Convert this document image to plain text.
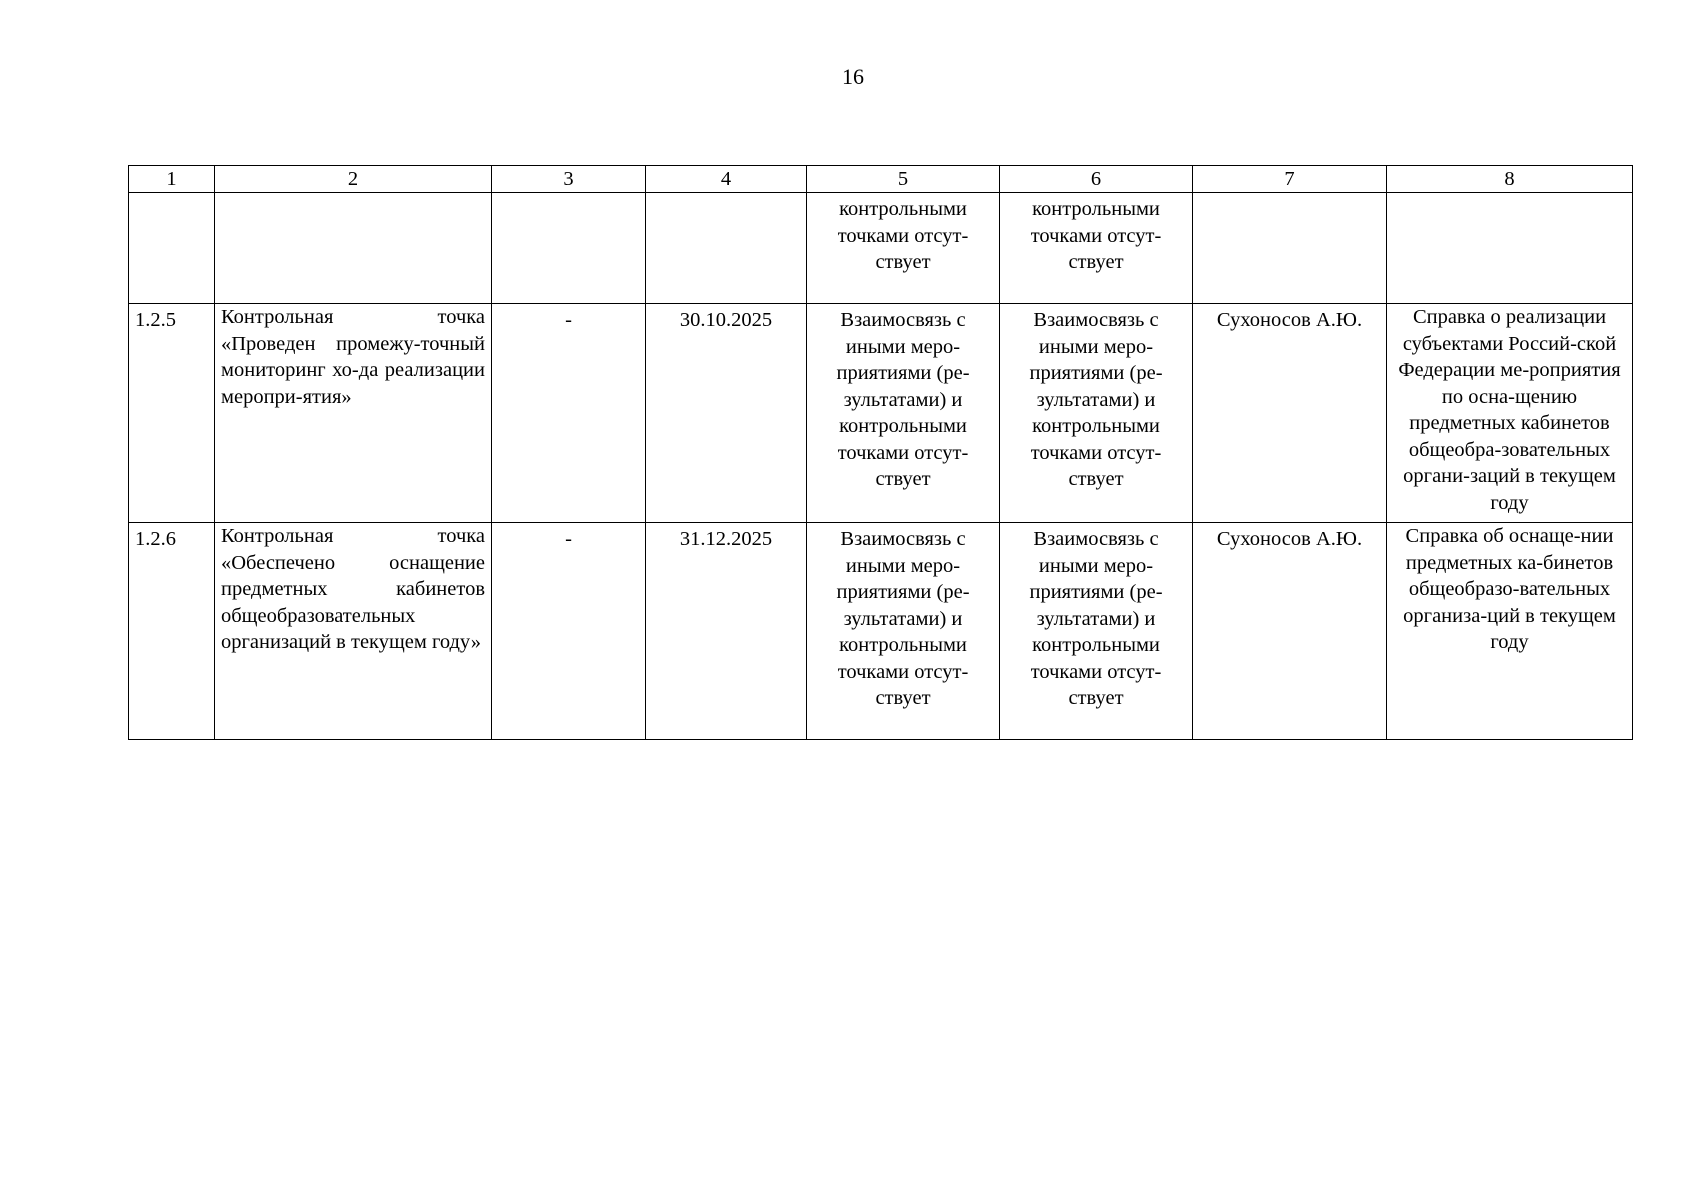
16
1	2	3	4	5	6	7	8

				контрольными точками отсут-ствует	контрольными точками отсут-ствует		

1.2.5	Контрольная точка «Проведен промежу-точный мониторинг хо-да реализации меропри-ятия»	-	30.10.2025	Взаимосвязь с иными меро-приятиями (ре-зультатами) и контрольными точками отсут-ствует	Взаимосвязь с иными меро-приятиями (ре-зультатами) и контрольными точками отсут-ствует	Сухоносов А.Ю.	Справка о реализации субъектами Россий-ской Федерации ме-роприятия по осна-щению предметных кабинетов общеобра-зовательных органи-заций в текущем году

1.2.6	Контрольная точка «Обеспечено оснащение предметных кабинетов общеобразовательных организаций в текущем году»	-	31.12.2025	Взаимосвязь с иными меро-приятиями (ре-зультатами) и контрольными точками отсут-ствует	Взаимосвязь с иными меро-приятиями (ре-зультатами) и контрольными точками отсут-ствует	Сухоносов А.Ю.	Справка об оснаще-нии предметных ка-бинетов общеобразо-вательных организа-ций в текущем году
